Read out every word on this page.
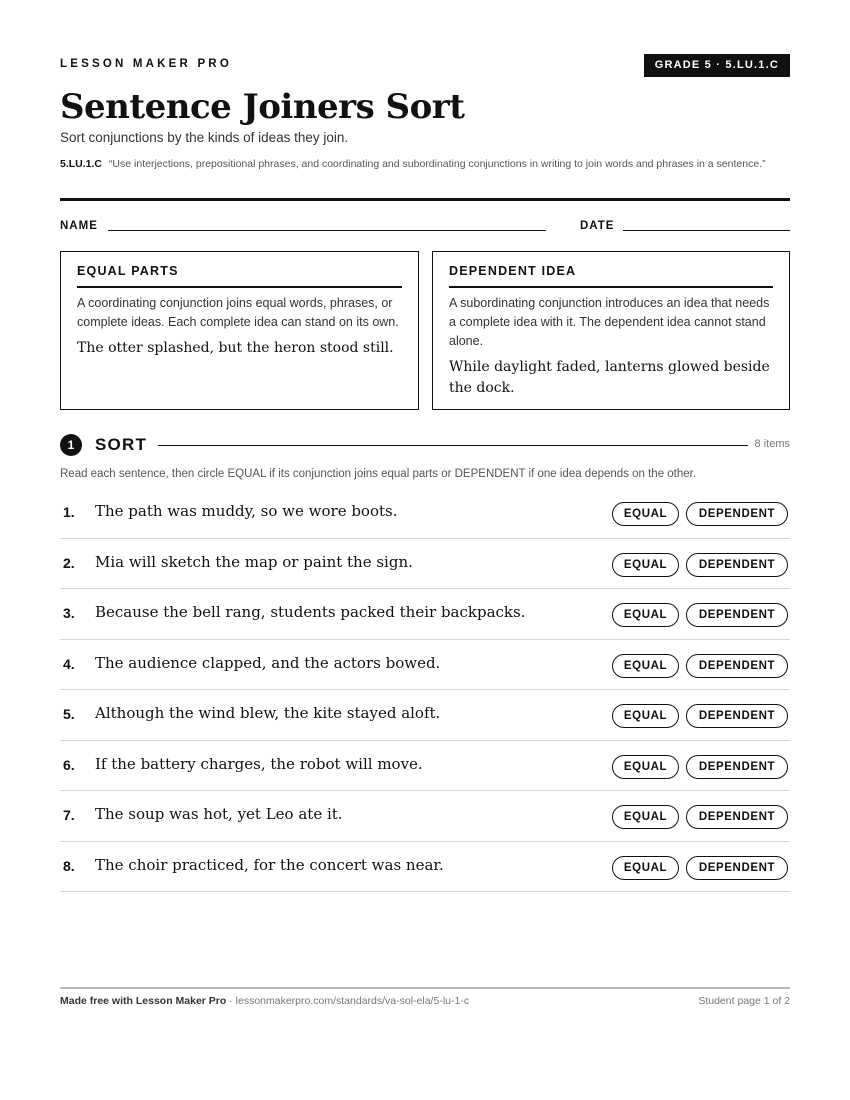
LESSON MAKER PRO	GRADE 5 · 5.LU.1.C
Sentence Joiners Sort
Sort conjunctions by the kinds of ideas they join.
5.LU.1.C “Use interjections, prepositional phrases, and coordinating and subordinating conjunctions in writing to join words and phrases in a sentence.”
NAME	DATE
EQUAL PARTS
A coordinating conjunction joins equal words, phrases, or complete ideas. Each complete idea can stand on its own.
The otter splashed, but the heron stood still.
DEPENDENT IDEA
A subordinating conjunction introduces an idea that needs a complete idea with it. The dependent idea cannot stand alone.
While daylight faded, lanterns glowed beside the dock.
1	SORT	8 items
Read each sentence, then circle EQUAL if its conjunction joins equal parts or DEPENDENT if one idea depends on the other.
1. The path was muddy, so we wore boots.	EQUAL	DEPENDENT
2. Mia will sketch the map or paint the sign.	EQUAL	DEPENDENT
3. Because the bell rang, students packed their backpacks.	EQUAL	DEPENDENT
4. The audience clapped, and the actors bowed.	EQUAL	DEPENDENT
5. Although the wind blew, the kite stayed aloft.	EQUAL	DEPENDENT
6. If the battery charges, the robot will move.	EQUAL	DEPENDENT
7. The soup was hot, yet Leo ate it.	EQUAL	DEPENDENT
8. The choir practiced, for the concert was near.	EQUAL	DEPENDENT
Made free with Lesson Maker Pro · lessonmakerpro.com/standards/va-sol-ela/5-lu-1-c	Student page 1 of 2
